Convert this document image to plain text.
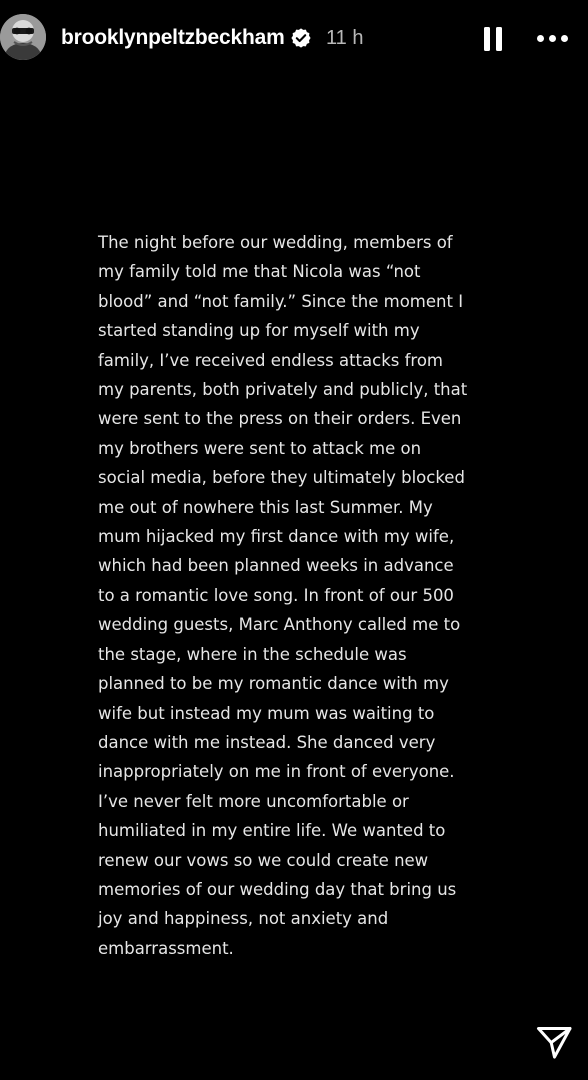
brooklynpeltzbeckham 11 h

The night before our wedding, members of
my family told me that Nicola was “not
blood” and “not family.” Since the moment I
started standing up for myself with my
family, I’ve received endless attacks from
my parents, both privately and publicly, that
were sent to the press on their orders. Even
my brothers were sent to attack me on
social media, before they ultimately blocked
me out of nowhere this last Summer. My
mum hijacked my first dance with my wife,
which had been planned weeks in advance
to a romantic love song. In front of our 500
wedding guests, Marc Anthony called me to
the stage, where in the schedule was
planned to be my romantic dance with my
wife but instead my mum was waiting to
dance with me instead. She danced very
inappropriately on me in front of everyone.
I’ve never felt more uncomfortable or
humiliated in my entire life. We wanted to
renew our vows so we could create new
memories of our wedding day that bring us
joy and happiness, not anxiety and
embarrassment.
